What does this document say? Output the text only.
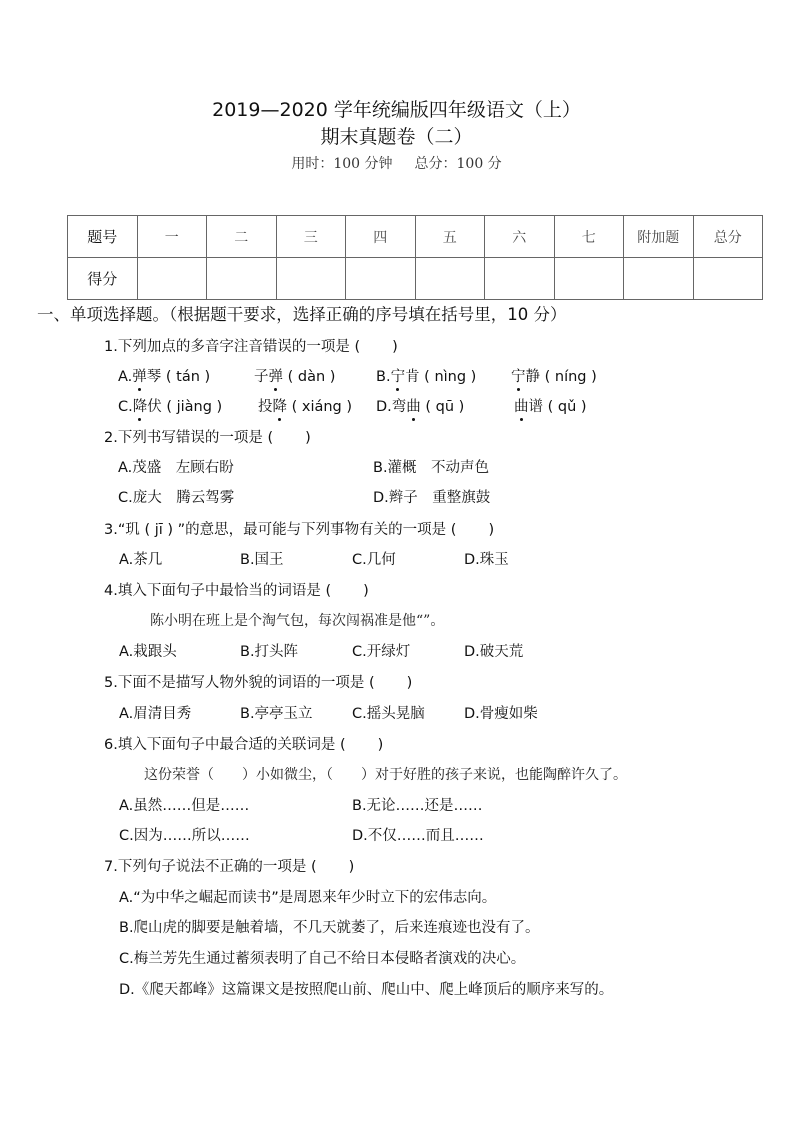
2019—2020 学年统编版四年级语文（上）
期末真题卷（二）
用时：100 分钟 总分：100 分
题号	一	二	三	四	五	六	七	附加题	总分
得分									
一、单项选择题。（根据题干要求，选择正确的序号填在括号里，10 分）
1.下列加点的多音字注音错误的一项是 ( )
A.弹琴 ( tán )	子弹 ( dàn )	B.宁肯 ( nìng ) 宁静 ( níng )
C.降伏 ( jiàng ) 投降 ( xiáng ) D.弯曲 ( qū )	曲谱 ( qǔ )
2.下列书写错误的一项是 ( )
A.茂盛　左顾右盼	B.灌概　不动声色
C.庞大　腾云驾雾	D.辫子　重整旗鼓
3.“玑 ( jī ) ”的意思，最可能与下列事物有关的一项是 ( )
A.茶几	B.国王	C.几何	D.珠玉
4.填入下面句子中最恰当的词语是 ( )
陈小明在班上是个淘气包，每次闯祸准是他“”。
A.栽跟头	B.打头阵	C.开绿灯	D.破天荒
5.下面不是描写人物外貌的词语的一项是 ( )
A.眉清目秀	B.亭亭玉立	C.摇头晃脑	D.骨瘦如柴
6.填入下面句子中最合适的关联词是 ( )
这份荣誉（　　）小如微尘，（　　）对于好胜的孩子来说，也能陶醉许久了。
A.虽然……但是……	B.无论……还是……
C.因为……所以……	D.不仅……而且……
7.下列句子说法不正确的一项是 ( )
A.“为中华之崛起而读书”是周恩来年少时立下的宏伟志向。
B.爬山虎的脚要是触着墙，不几天就萎了，后来连痕迹也没有了。
C.梅兰芳先生通过蓄须表明了自己不给日本侵略者演戏的决心。
D.《爬天都峰》这篇课文是按照爬山前、爬山中、爬上峰顶后的顺序来写的。
